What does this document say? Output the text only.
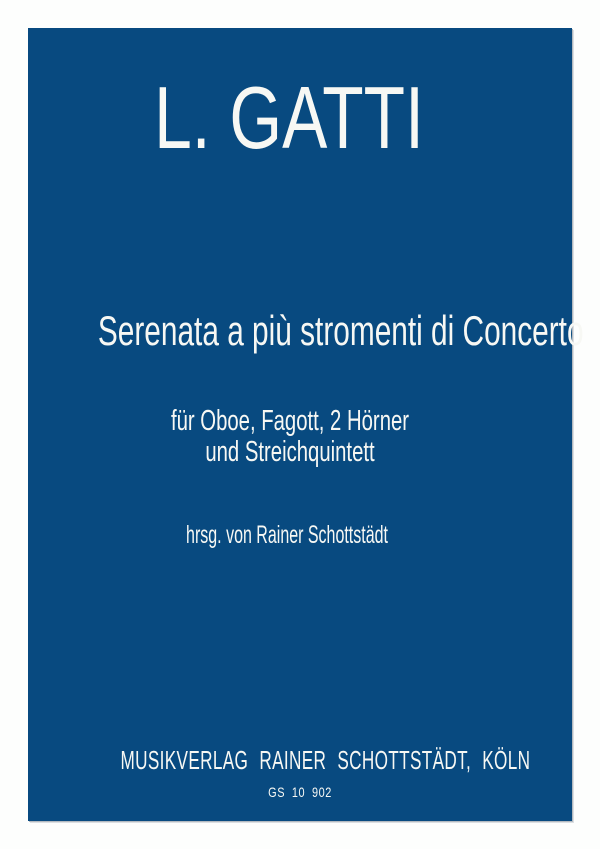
L. GATTI
Serenata a più stromenti di Concerto
für Oboe, Fagott, 2 Hörner
und Streichquintett
hrsg. von Rainer Schottstädt
MUSIKVERLAG RAINER SCHOTTSTÄDT, KÖLN
GS 10 902
